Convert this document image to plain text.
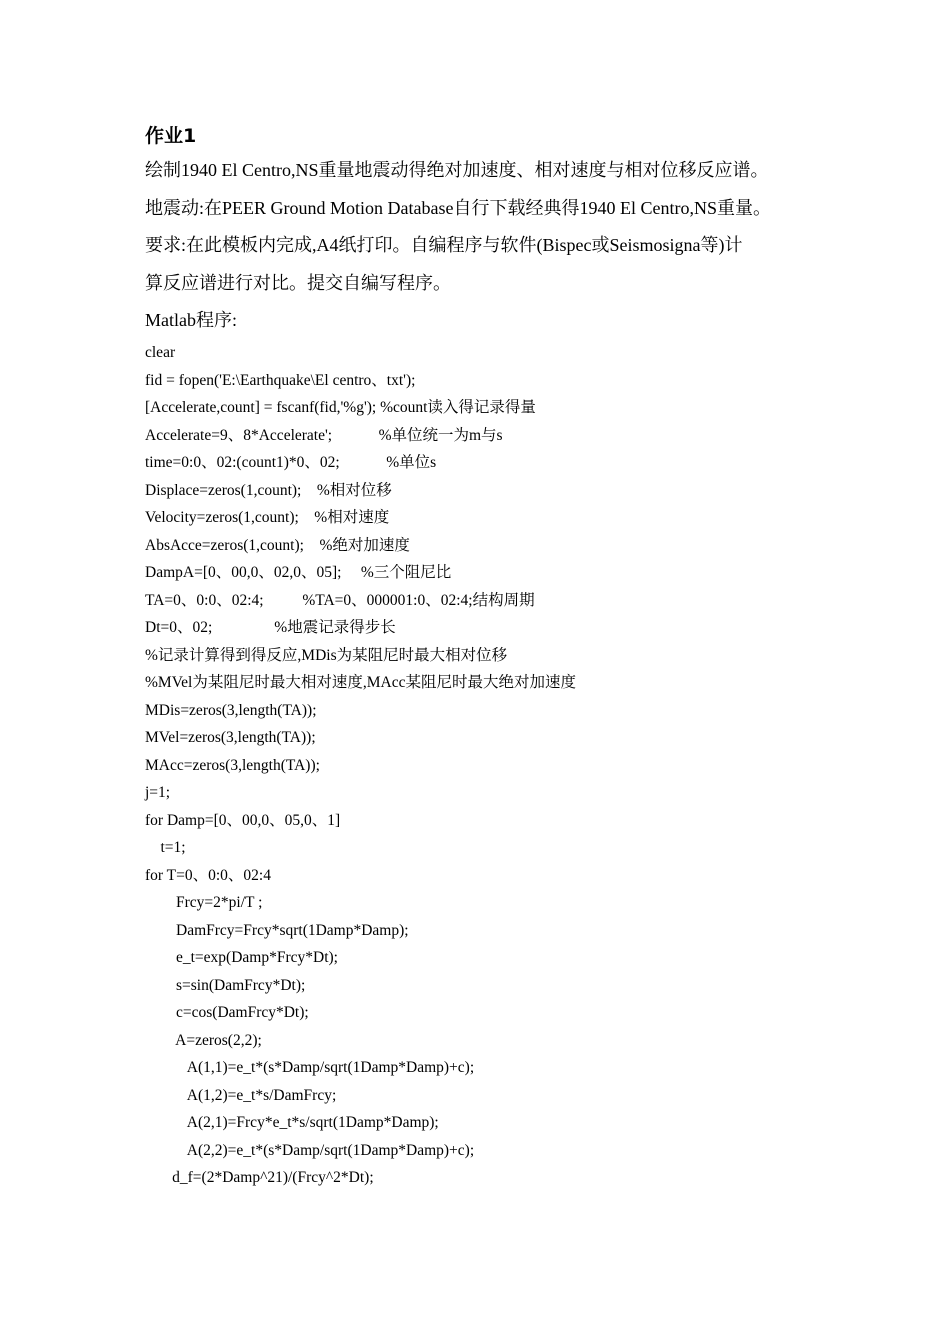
作业1
绘制1940 El Centro,NS重量地震动得绝对加速度、相对速度与相对位移反应谱。
地震动:在PEER Ground Motion Database自行下载经典得1940 El Centro,NS重量。
要求:在此模板内完成,A4纸打印。自编程序与软件(Bispec或Seismosigna等)计
算反应谱进行对比。提交自编写程序。
Matlab程序:
clear
fid = fopen('E:\Earthquake\El centro、txt');
[Accelerate,count] = fscanf(fid,'%g'); %count读入得记录得量
Accelerate=9、8*Accelerate';            %单位统一为m与s
time=0:0、02:(count1)*0、02;            %单位s
Displace=zeros(1,count);    %相对位移
Velocity=zeros(1,count);    %相对速度
AbsAcce=zeros(1,count);    %绝对加速度
DampA=[0、00,0、02,0、05];     %三个阻尼比
TA=0、0:0、02:4;          %TA=0、000001:0、02:4;结构周期
Dt=0、02;                %地震记录得步长
%记录计算得到得反应,MDis为某阻尼时最大相对位移
%MVel为某阻尼时最大相对速度,MAcc某阻尼时最大绝对加速度
MDis=zeros(3,length(TA));
MVel=zeros(3,length(TA));
MAcc=zeros(3,length(TA));
j=1;
for Damp=[0、00,0、05,0、1]
t=1;
for T=0、0:0、02:4
Frcy=2*pi/T ;
DamFrcy=Frcy*sqrt(1Damp*Damp);
e_t=exp(Damp*Frcy*Dt);
s=sin(DamFrcy*Dt);
c=cos(DamFrcy*Dt);
A=zeros(2,2);
A(1,1)=e_t*(s*Damp/sqrt(1Damp*Damp)+c);
A(1,2)=e_t*s/DamFrcy;
A(2,1)=Frcy*e_t*s/sqrt(1Damp*Damp);
A(2,2)=e_t*(s*Damp/sqrt(1Damp*Damp)+c);
d_f=(2*Damp^21)/(Frcy^2*Dt);
